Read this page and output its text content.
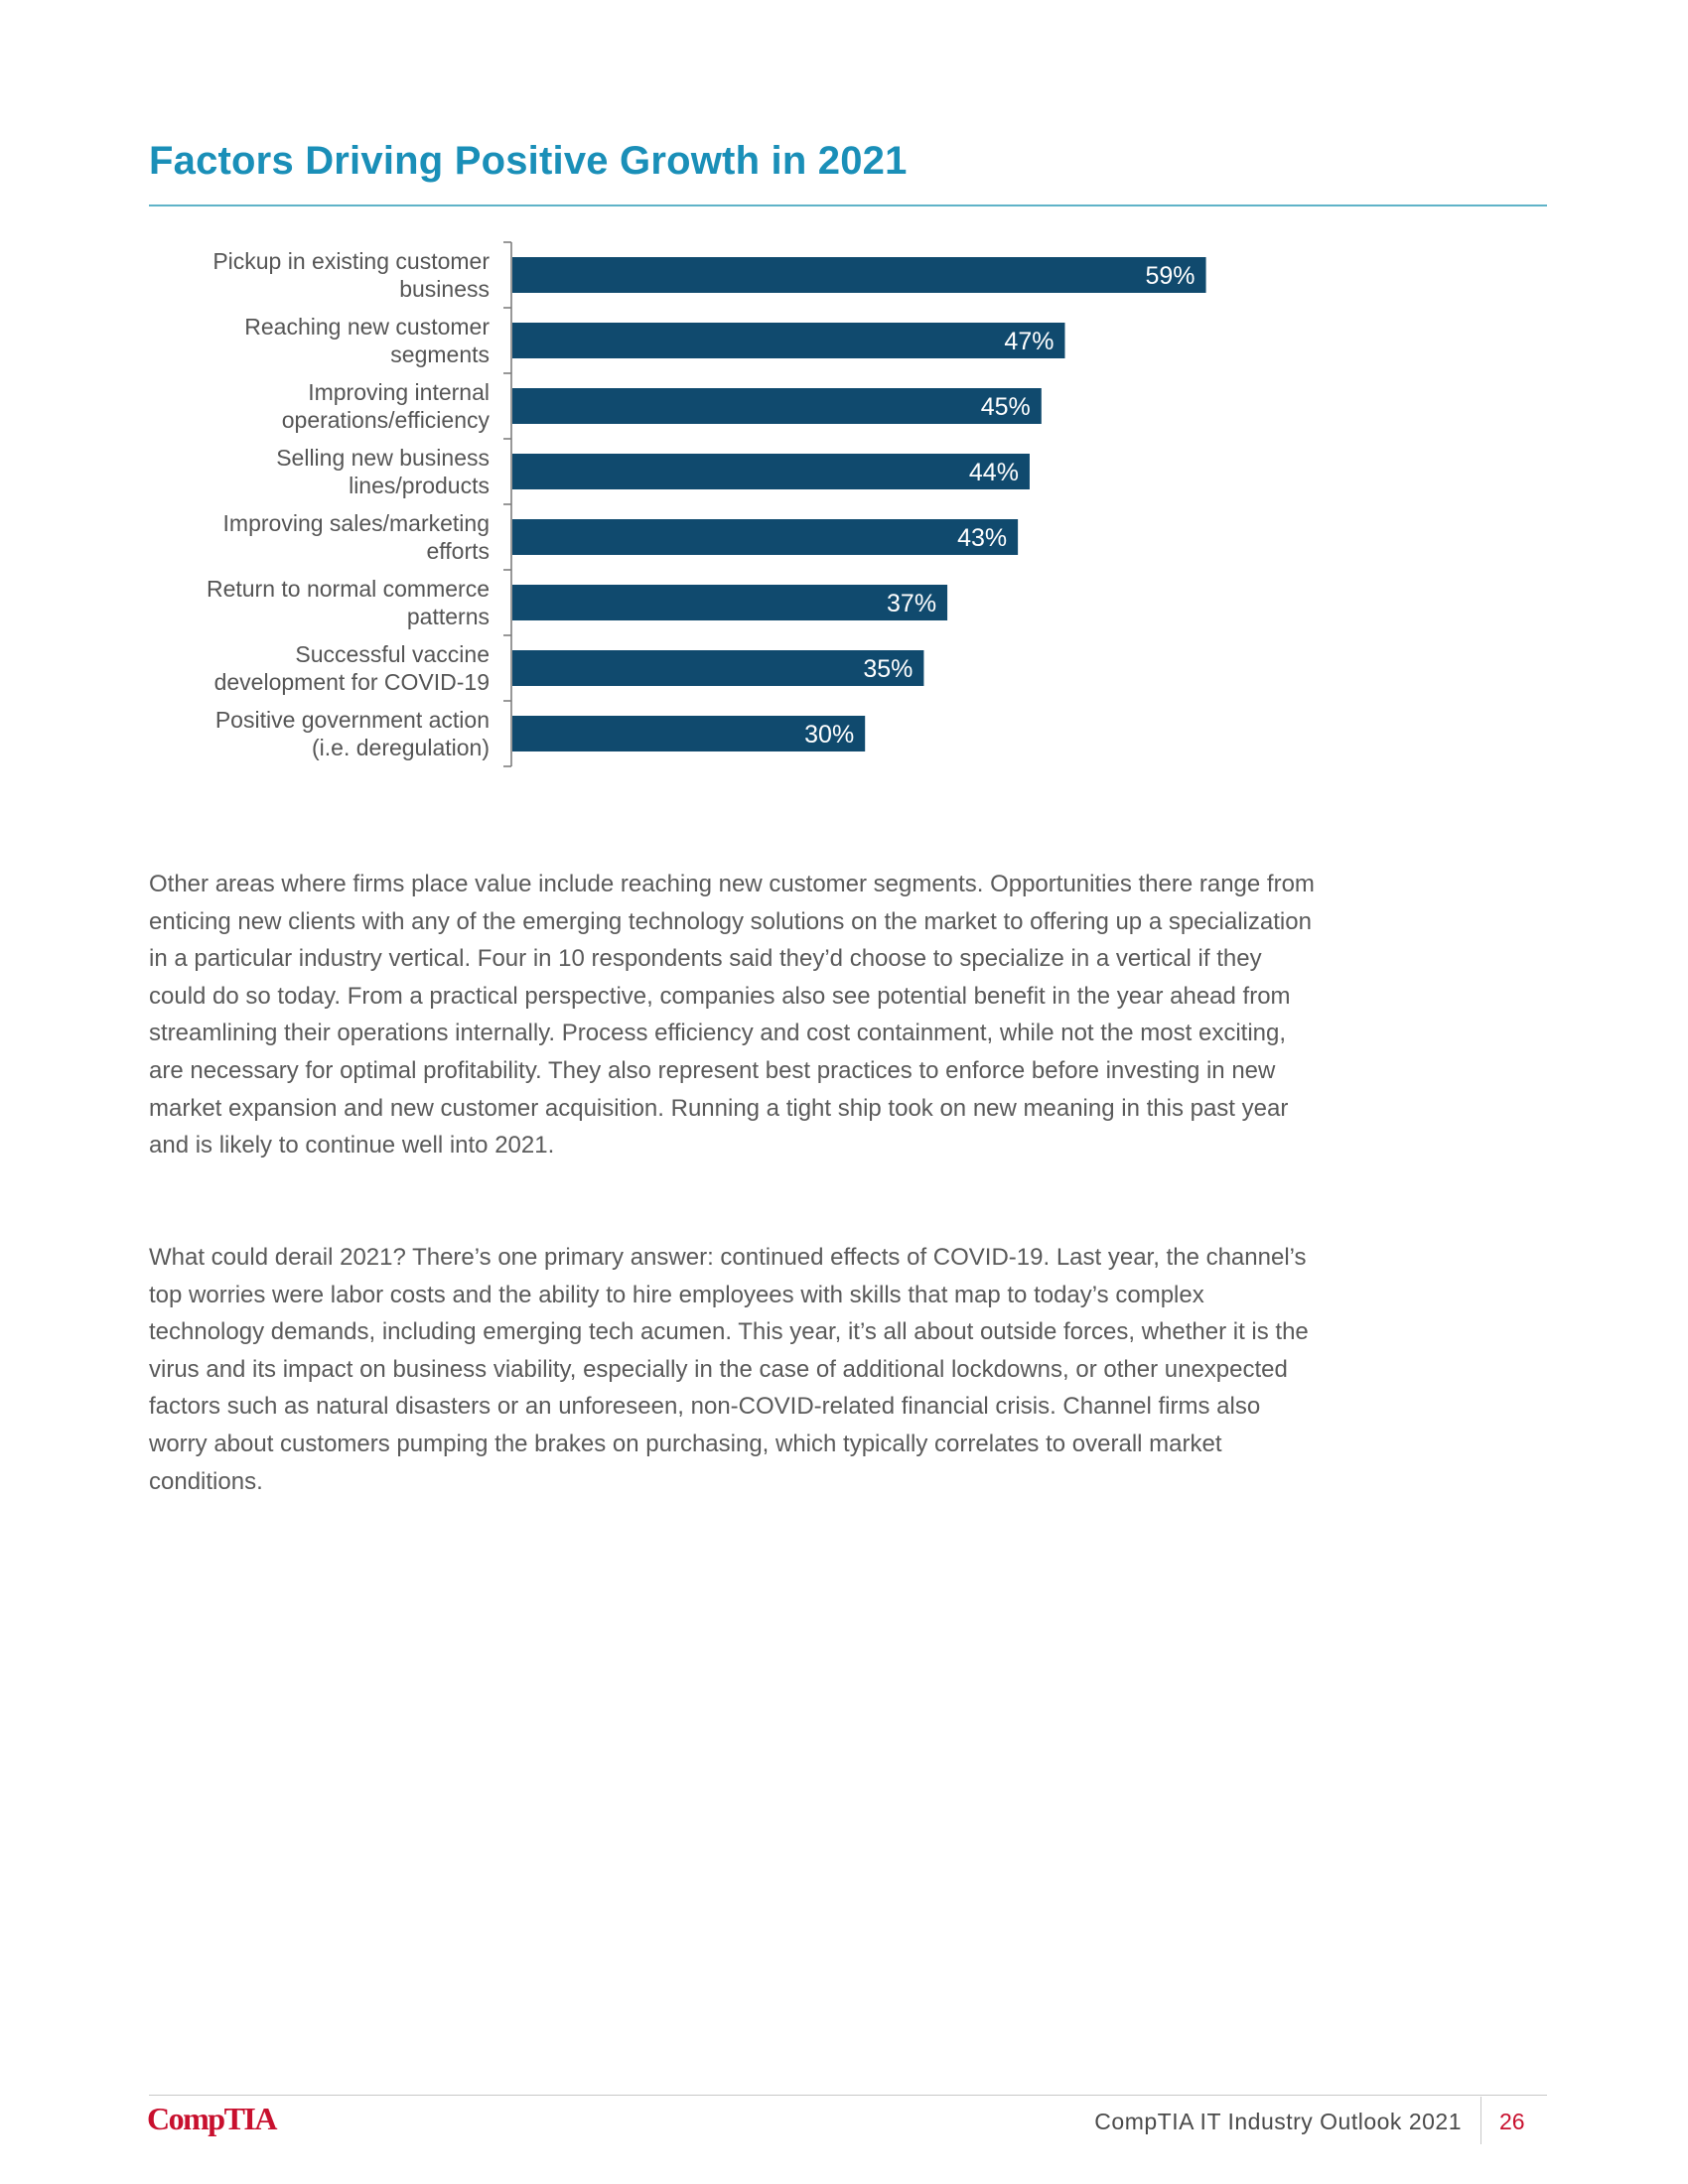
Factors Driving Positive Growth in 2021
59%
Pickup in existing customer business
47%
Reaching new customer segments
45%
Improving internal operations/efficiency
44%
Selling new business lines/products
43%
Improving sales/marketing efforts
37%
Return to normal commerce patterns
35%
Successful vaccine development for COVID-19
30%
Positive government action (i.e. deregulation)

Other areas where firms place value include reaching new customer segments. Opportunities there range from enticing new clients with any of the emerging technology solutions on the market to offering up a specialization in a particular industry vertical. Four in 10 respondents said they’d choose to specialize in a vertical if they could do so today. From a practical perspective, companies also see potential benefit in the year ahead from streamlining their operations internally. Process efficiency and cost containment, while not the most exciting, are necessary for optimal profitability. They also represent best practices to enforce before investing in new market expansion and new customer acquisition. Running a tight ship took on new meaning in this past year and is likely to continue well into 2021.

What could derail 2021? There’s one primary answer: continued effects of COVID-19. Last year, the channel’s top worries were labor costs and the ability to hire employees with skills that map to today’s complex technology demands, including emerging tech acumen. This year, it’s all about outside forces, whether it is the virus and its impact on business viability, especially in the case of additional lockdowns, or other unexpected factors such as natural disasters or an unforeseen, non-COVID-related financial crisis. Channel firms also worry about customers pumping the brakes on purchasing, which typically correlates to overall market conditions.

CompTIA	CompTIA IT Industry Outlook 2021 26
